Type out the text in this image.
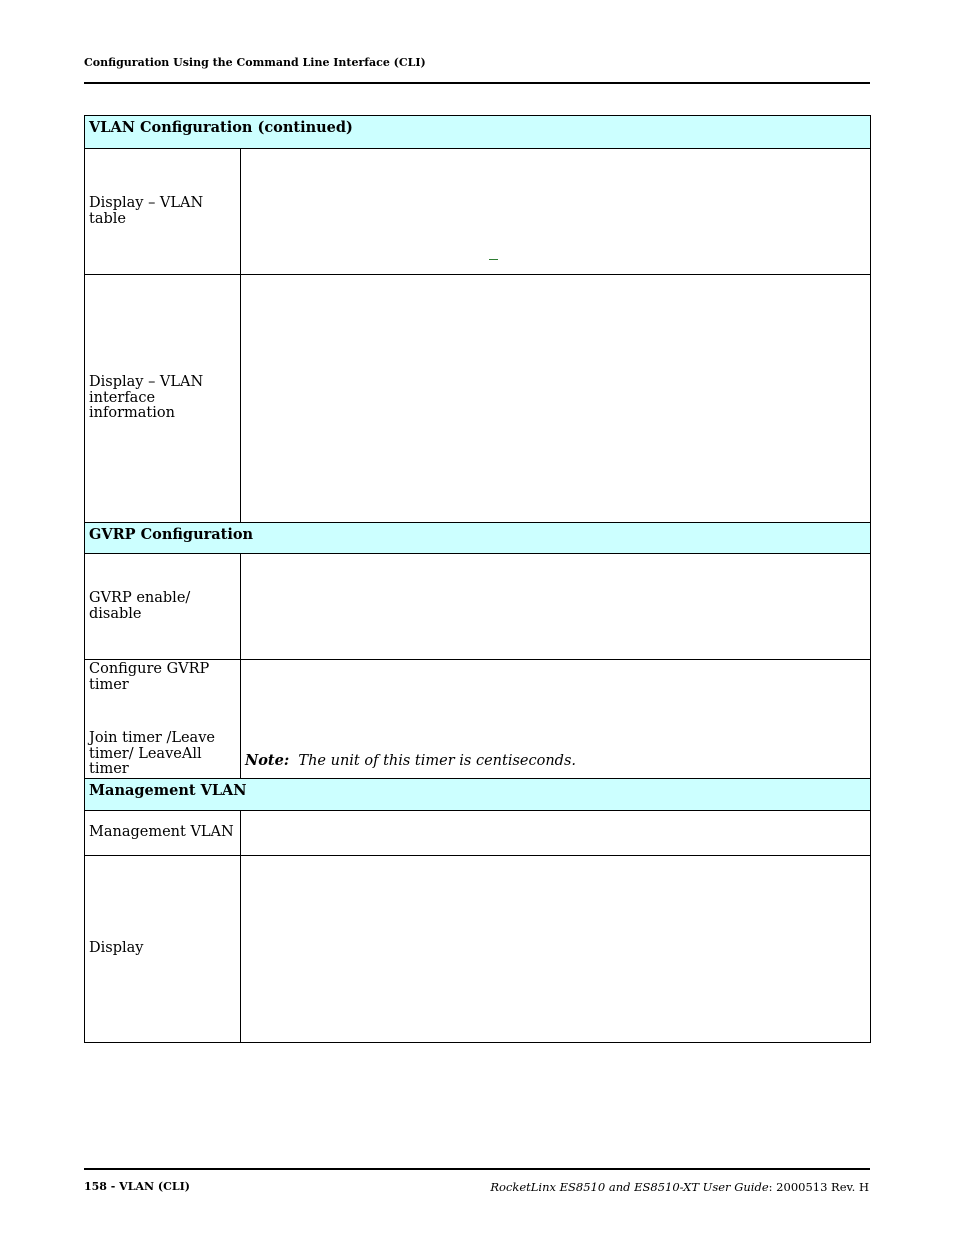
Configuration Using the Command Line Interface (CLI)
VLAN Configuration (continued)	
Display – VLAN table	

Display – VLAN interface information	
GVRP Configuration	
GVRP enable/ disable	

Configure GVRP timer
Join timer /Leave timer/ LeaveAll timer	Note: The unit of this timer is centiseconds.
Management VLAN	
Management VLAN	
Display	
158 - VLAN (CLI)	RocketLinx ES8510 and ES8510-XT User Guide: 2000513 Rev. H
